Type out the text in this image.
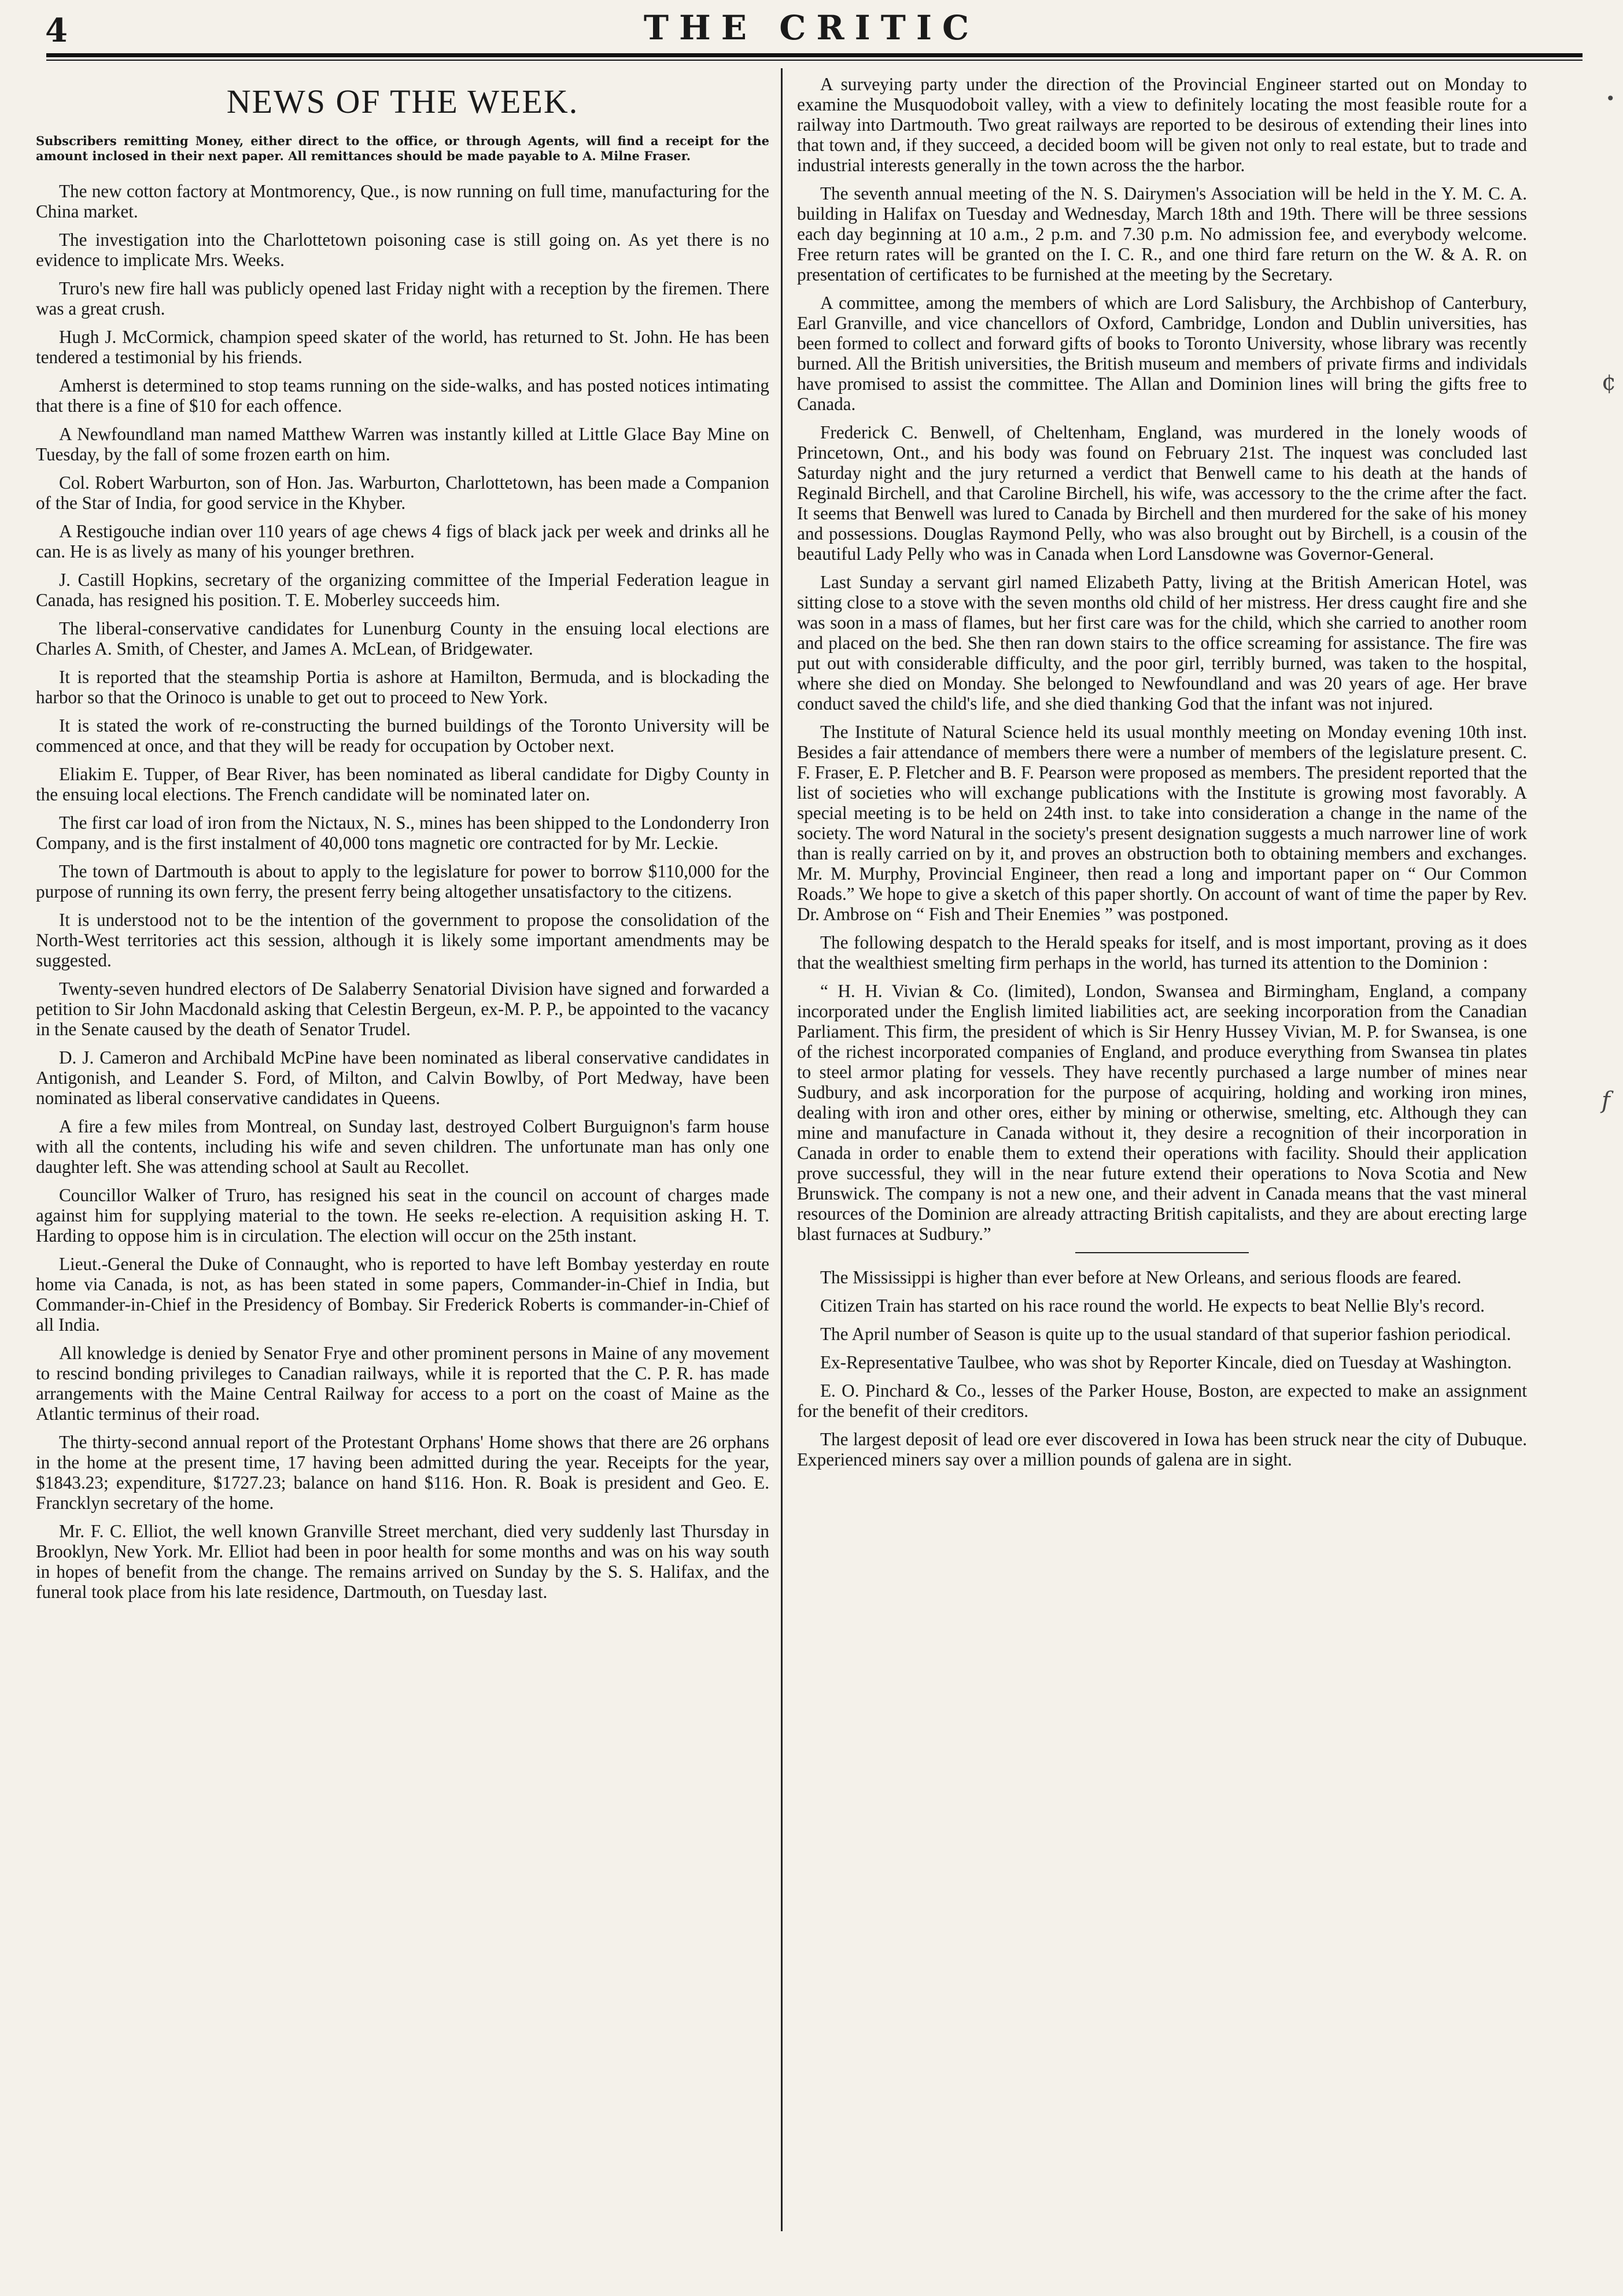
4	THE CRITIC
NEWS OF THE WEEK.
Subscribers remitting Money, either direct to the office, or through Agents, will find a receipt for the amount inclosed in their next paper. All remittances should be made payable to A. Milne Fraser.

The new cotton factory at Montmorency, Que., is now running on full time, manufacturing for the China market.

The investigation into the Charlottetown poisoning case is still going on. As yet there is no evidence to implicate Mrs. Weeks.

Truro's new fire hall was publicly opened last Friday night with a reception by the firemen. There was a great crush.

Hugh J. McCormick, champion speed skater of the world, has returned to St. John. He has been tendered a testimonial by his friends.

Amherst is determined to stop teams running on the side-walks, and has posted notices intimating that there is a fine of $10 for each offence.

A Newfoundland man named Matthew Warren was instantly killed at Little Glace Bay Mine on Tuesday, by the fall of some frozen earth on him.

Col. Robert Warburton, son of Hon. Jas. Warburton, Charlottetown, has been made a Companion of the Star of India, for good service in the Khyber.

A Restigouche indian over 110 years of age chews 4 figs of black jack per week and drinks all he can. He is as lively as many of his younger brethren.

J. Castill Hopkins, secretary of the organizing committee of the Imperial Federation league in Canada, has resigned his position. T. E. Moberley succeeds him.

The liberal-conservative candidates for Lunenburg County in the ensuing local elections are Charles A. Smith, of Chester, and James A. McLean, of Bridgewater.

It is reported that the steamship Portia is ashore at Hamilton, Bermuda, and is blockading the harbor so that the Orinoco is unable to get out to proceed to New York.

It is stated the work of re-constructing the burned buildings of the Toronto University will be commenced at once, and that they will be ready for occupation by October next.

Eliakim E. Tupper, of Bear River, has been nominated as liberal candidate for Digby County in the ensuing local elections. The French candidate will be nominated later on.

The first car load of iron from the Nictaux, N. S., mines has been shipped to the Londonderry Iron Company, and is the first instalment of 40,000 tons magnetic ore contracted for by Mr. Leckie.

The town of Dartmouth is about to apply to the legislature for power to borrow $110,000 for the purpose of running its own ferry, the present ferry being altogether unsatisfactory to the citizens.

It is understood not to be the intention of the government to propose the consolidation of the North-West territories act this session, although it is likely some important amendments may be suggested.

Twenty-seven hundred electors of De Salaberry Senatorial Division have signed and forwarded a petition to Sir John Macdonald asking that Celestin Bergeun, ex-M. P. P., be appointed to the vacancy in the Senate caused by the death of Senator Trudel.

D. J. Cameron and Archibald McPine have been nominated as liberal conservative candidates in Antigonish, and Leander S. Ford, of Milton, and Calvin Bowlby, of Port Medway, have been nominated as liberal conservative candidates in Queens.

A fire a few miles from Montreal, on Sunday last, destroyed Colbert Burguignon's farm house with all the contents, including his wife and seven children. The unfortunate man has only one daughter left. She was attending school at Sault au Recollet.

Councillor Walker of Truro, has resigned his seat in the council on account of charges made against him for supplying material to the town. He seeks re-election. A requisition asking H. T. Harding to oppose him is in circulation. The election will occur on the 25th instant.

Lieut.-General the Duke of Connaught, who is reported to have left Bombay yesterday en route home via Canada, is not, as has been stated in some papers, Commander-in-Chief in India, but Commander-in-Chief in the Presidency of Bombay. Sir Frederick Roberts is commander-in-Chief of all India.

All knowledge is denied by Senator Frye and other prominent persons in Maine of any movement to rescind bonding privileges to Canadian railways, while it is reported that the C. P. R. has made arrangements with the Maine Central Railway for access to a port on the coast of Maine as the Atlantic terminus of their road.

The thirty-second annual report of the Protestant Orphans' Home shows that there are 26 orphans in the home at the present time, 17 having been admitted during the year. Receipts for the year, $1843.23; expenditure, $1727.23; balance on hand $116. Hon. R. Boak is president and Geo. E. Francklyn secretary of the home.

Mr. F. C. Elliot, the well known Granville Street merchant, died very suddenly last Thursday in Brooklyn, New York. Mr. Elliot had been in poor health for some months and was on his way south in hopes of benefit from the change. The remains arrived on Sunday by the S. S. Halifax, and the funeral took place from his late residence, Dartmouth, on Tuesday last.

A surveying party under the direction of the Provincial Engineer started out on Monday to examine the Musquodoboit valley, with a view to definitely locating the most feasible route for a railway into Dartmouth. Two great railways are reported to be desirous of extending their lines into that town and, if they succeed, a decided boom will be given not only to real estate, but to trade and industrial interests generally in the town across the the harbor.

The seventh annual meeting of the N. S. Dairymen's Association will be held in the Y. M. C. A. building in Halifax on Tuesday and Wednesday, March 18th and 19th. There will be three sessions each day beginning at 10 a.m., 2 p.m. and 7.30 p.m. No admission fee, and everybody welcome. Free return rates will be granted on the I. C. R., and one third fare return on the W. & A. R. on presentation of certificates to be furnished at the meeting by the Secretary.

A committee, among the members of which are Lord Salisbury, the Archbishop of Canterbury, Earl Granville, and vice chancellors of Oxford, Cambridge, London and Dublin universities, has been formed to collect and forward gifts of books to Toronto University, whose library was recently burned. All the British universities, the British museum and members of private firms and individals have promised to assist the committee. The Allan and Dominion lines will bring the gifts free to Canada.

Frederick C. Benwell, of Cheltenham, England, was murdered in the lonely woods of Princetown, Ont., and his body was found on February 21st. The inquest was concluded last Saturday night and the jury returned a verdict that Benwell came to his death at the hands of Reginald Birchell, and that Caroline Birchell, his wife, was accessory to the the crime after the fact. It seems that Benwell was lured to Canada by Birchell and then murdered for the sake of his money and possessions. Douglas Raymond Pelly, who was also brought out by Birchell, is a cousin of the beautiful Lady Pelly who was in Canada when Lord Lansdowne was Governor-General.

Last Sunday a servant girl named Elizabeth Patty, living at the British American Hotel, was sitting close to a stove with the seven months old child of her mistress. Her dress caught fire and she was soon in a mass of flames, but her first care was for the child, which she carried to another room and placed on the bed. She then ran down stairs to the office screaming for assistance. The fire was put out with considerable difficulty, and the poor girl, terribly burned, was taken to the hospital, where she died on Monday. She belonged to Newfoundland and was 20 years of age. Her brave conduct saved the child's life, and she died thanking God that the infant was not injured.

The Institute of Natural Science held its usual monthly meeting on Monday evening 10th inst. Besides a fair attendance of members there were a number of members of the legislature present. C. F. Fraser, E. P. Fletcher and B. F. Pearson were proposed as members. The president reported that the list of societies who will exchange publications with the Institute is growing most favorably. A special meeting is to be held on 24th inst. to take into consideration a change in the name of the society. The word Natural in the society's present designation suggests a much narrower line of work than is really carried on by it, and proves an obstruction both to obtaining members and exchanges. Mr. M. Murphy, Provincial Engineer, then read a long and important paper on “ Our Common Roads.” We hope to give a sketch of this paper shortly. On account of want of time the paper by Rev. Dr. Ambrose on “ Fish and Their Enemies ” was postponed.

The following despatch to the Herald speaks for itself, and is most important, proving as it does that the wealthiest smelting firm perhaps in the world, has turned its attention to the Dominion :

“ H. H. Vivian & Co. (limited), London, Swansea and Birmingham, England, a company incorporated under the English limited liabilities act, are seeking incorporation from the Canadian Parliament. This firm, the president of which is Sir Henry Hussey Vivian, M. P. for Swansea, is one of the richest incorporated companies of England, and produce everything from Swansea tin plates to steel armor plating for vessels. They have recently purchased a large number of mines near Sudbury, and ask incorporation for the purpose of acquiring, holding and working iron mines, dealing with iron and other ores, either by mining or otherwise, smelting, etc. Although they can mine and manufacture in Canada without it, they desire a recognition of their incorporation in Canada in order to enable them to extend their operations with facility. Should their application prove successful, they will in the near future extend their operations to Nova Scotia and New Brunswick. The company is not a new one, and their advent in Canada means that the vast mineral resources of the Dominion are already attracting British capitalists, and they are about erecting large blast furnaces at Sudbury.”

The Mississippi is higher than ever before at New Orleans, and serious floods are feared.

Citizen Train has started on his race round the world. He expects to beat Nellie Bly's record.

The April number of Season is quite up to the usual standard of that superior fashion periodical.

Ex-Representative Taulbee, who was shot by Reporter Kincale, died on Tuesday at Washington.

E. O. Pinchard & Co., lesses of the Parker House, Boston, are expected to make an assignment for the benefit of their creditors.

The largest deposit of lead ore ever discovered in Iowa has been struck near the city of Dubuque. Experienced miners say over a million pounds of galena are in sight.

•
¢
f
